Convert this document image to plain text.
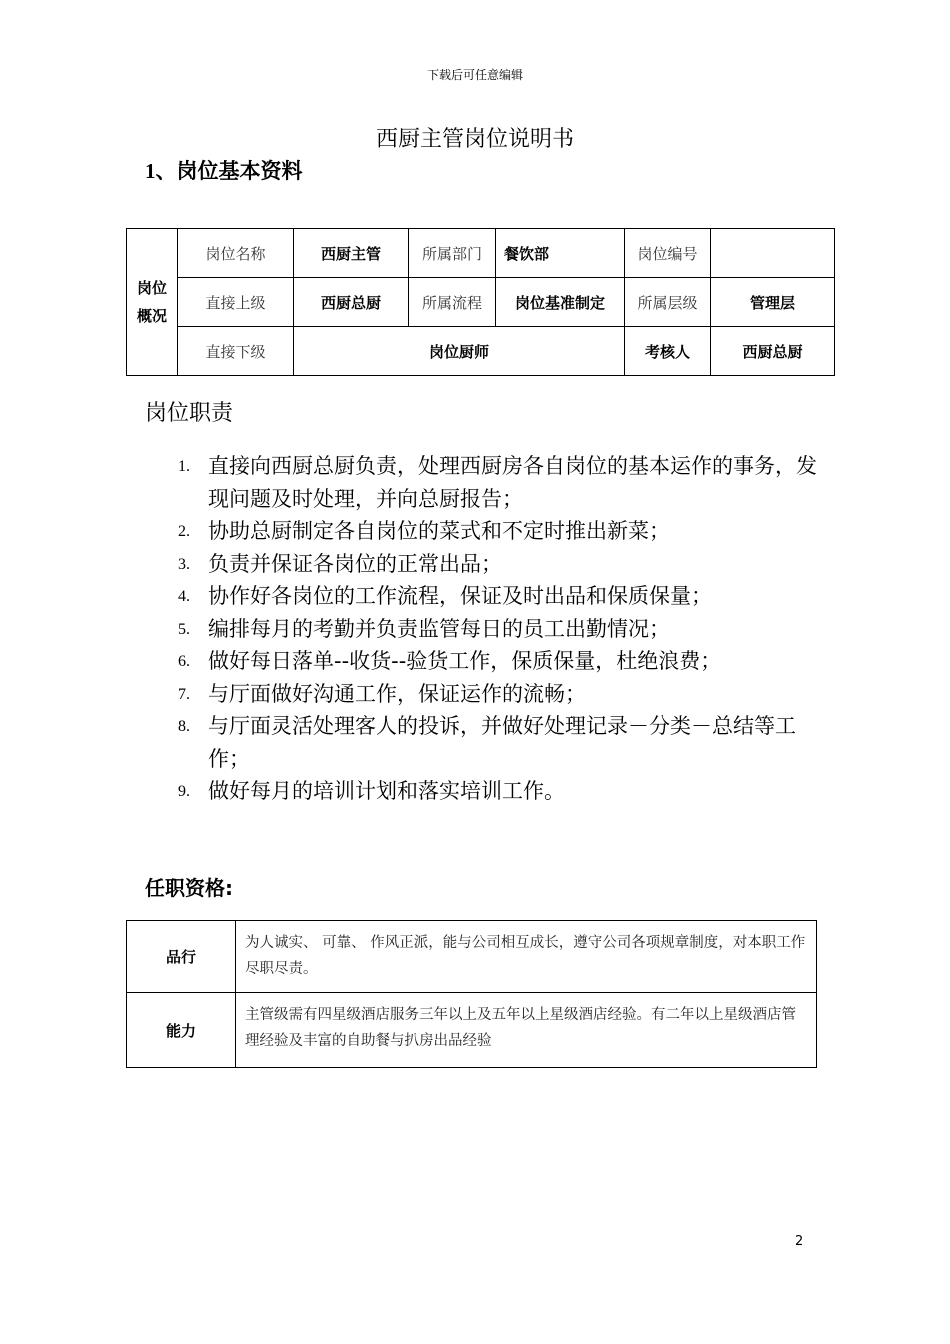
下载后可任意编辑
西厨主管岗位说明书
1、岗位基本资料
岗位
概况	岗位名称	西厨主管	所属部门	餐饮部	岗位编号	
	直接上级	西厨总厨	所属流程	岗位基准制定	所属层级	管理层
	直接下级	岗位厨师			考核人	西厨总厨
岗位职责
1. 直接向西厨总厨负责，处理西厨房各自岗位的基本运作的事务，发现问题及时处理，并向总厨报告；
2. 协助总厨制定各自岗位的菜式和不定时推出新菜；
3. 负责并保证各岗位的正常出品；
4. 协作好各岗位的工作流程，保证及时出品和保质保量；
5. 编排每月的考勤并负责监管每日的员工出勤情况；
6. 做好每日落单--收货--验货工作，保质保量，杜绝浪费；
7. 与厅面做好沟通工作，保证运作的流畅；
8. 与厅面灵活处理客人的投诉，并做好处理记录－分类－总结等工作；
9. 做好每月的培训计划和落实培训工作。
任职资格:
品行	为人诚实、 可靠、 作风正派，能与公司相互成长，遵守公司各项规章制度，对本职工作尽职尽责。
能力	主管级需有四星级酒店服务三年以上及五年以上星级酒店经验。有二年以上星级酒店管理经验及丰富的自助餐与扒房出品经验
2
